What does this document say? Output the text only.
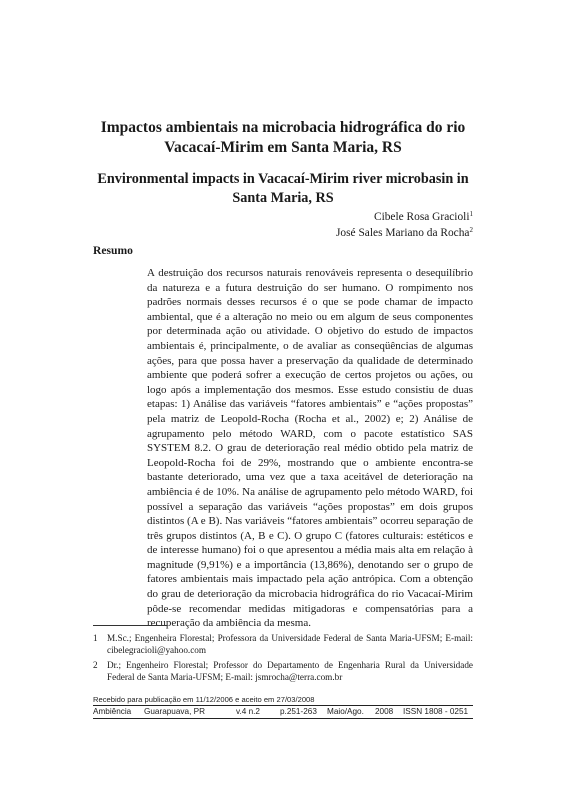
Impactos ambientais na microbacia hidrográfica do rio Vacacaí-Mirim em Santa Maria, RS
Environmental impacts in Vacacaí-Mirim river microbasin in Santa Maria, RS
Cibele Rosa Gracioli$^1$
José Sales Mariano da Rocha$^2$
Resumo

A destruição dos recursos naturais renováveis representa o desequilíbrio da natureza e a futura destruição do ser humano. O rompimento nos padrões normais desses recursos é o que se pode chamar de impacto ambiental, que é a alteração no meio ou em algum de seus componentes por determinada ação ou atividade. O objetivo do estudo de impactos ambientais é, principalmente, o de avaliar as conseqüências de algumas ações, para que possa haver a preservação da qualidade de determinado ambiente que poderá sofrer a execução de certos projetos ou ações, ou logo após a implementação dos mesmos. Esse estudo consistiu de duas etapas: 1) Análise das variáveis “fatores ambientais” e “ações propostas” pela matriz de Leopold-Rocha (Rocha et al., 2002) e; 2) Análise de agrupamento pelo método WARD, com o pacote estatístico SAS SYSTEM 8.2. O grau de deterioração real médio obtido pela matriz de Leopold-Rocha foi de 29%, mostrando que o ambiente encontra-se bastante deteriorado, uma vez que a taxa aceitável de deterioração na ambiência é de 10%. Na análise de agrupamento pelo método WARD, foi possível a separação das variáveis “ações propostas” em dois grupos distintos (A e B). Nas variáveis “fatores ambientais” ocorreu separação de três grupos distintos (A, B e C). O grupo C (fatores culturais: estéticos e de interesse humano) foi o que apresentou a média mais alta em relação à magnitude (9,91%) e a importância (13,86%), denotando ser o grupo de fatores ambientais mais impactado pela ação antrópica. Com a obtenção do grau de deterioração da microbacia hidrográfica do rio Vacacaí-Mirim pôde-se recomendar medidas mitigadoras e compensatórias para a recuperação da ambiência da mesma.

1 M.Sc.; Engenheira Florestal; Professora da Universidade Federal de Santa Maria-UFSM; E-mail: cibelegracioli@yahoo.com
2 Dr.; Engenheiro Florestal; Professor do Departamento de Engenharia Rural da Universidade Federal de Santa Maria-UFSM; E-mail: jsmrocha@terra.com.br
Recebido para publicação em 11/12/2006 e aceito em 27/03/2008
Ambiência Guarapuava, PR	v.4 n.2 p.251-263 Maio/Ago. 2008 ISSN 1808 - 0251
